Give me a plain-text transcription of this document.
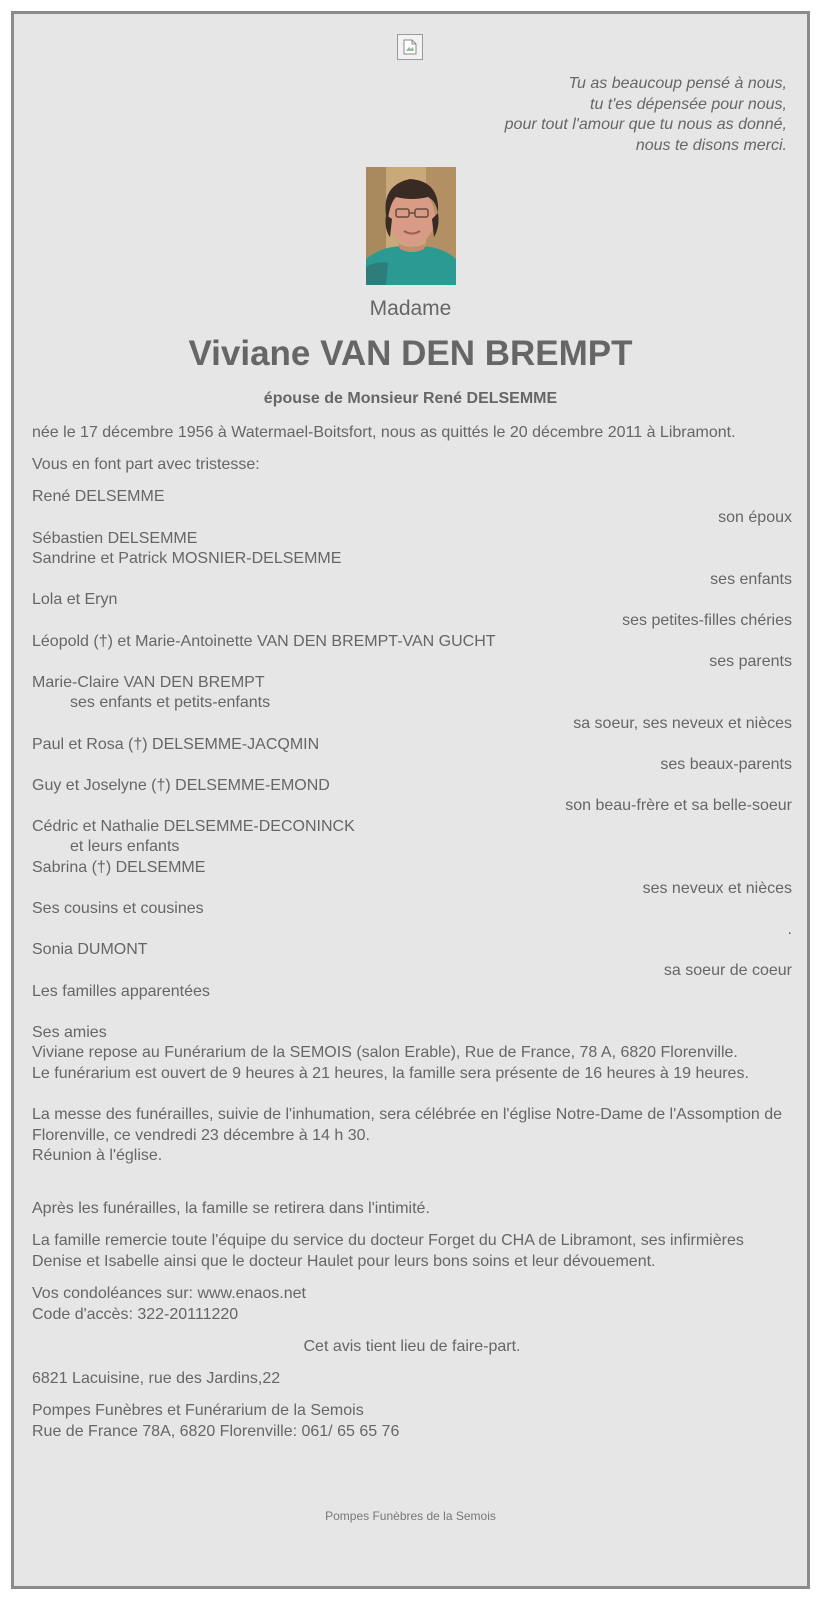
Tu as beaucoup pensé à nous,
tu t'es dépensée pour nous,
pour tout l'amour que tu nous as donné,
nous te disons merci.
Madame
Viviane VAN DEN BREMPT
épouse de Monsieur René DELSEMME

née le 17 décembre 1956 à Watermael-Boitsfort, nous as quittés le 20 décembre 2011 à Libramont.

Vous en font part avec tristesse:

René DELSEMME

son époux

Sébastien DELSEMME

Sandrine et Patrick MOSNIER-DELSEMME

ses enfants

Lola et Eryn

ses petites-filles chéries

Léopold (†) et Marie-Antoinette VAN DEN BREMPT-VAN GUCHT

ses parents

Marie-Claire VAN DEN BREMPT

ses enfants et petits-enfants

sa soeur, ses neveux et nièces

Paul et Rosa (†) DELSEMME-JACQMIN

ses beaux-parents

Guy et Joselyne (†) DELSEMME-EMOND

son beau-frère et sa belle-soeur

Cédric et Nathalie DELSEMME-DECONINCK

et leurs enfants

Sabrina (†) DELSEMME

ses neveux et nièces

Ses cousins et cousines

.

Sonia DUMONT

sa soeur de coeur

Les familles apparentées

Ses amies

Viviane repose au Funérarium de la SEMOIS (salon Erable), Rue de France, 78 A, 6820 Florenville.

Le funérarium est ouvert de 9 heures à 21 heures, la famille sera présente de 16 heures à 19 heures.

La messe des funérailles, suivie de l'inhumation, sera célébrée en l'église Notre-Dame de l'Assomption de Florenville, ce vendredi 23 décembre à 14 h 30.

Réunion à l'église.

Après les funérailles, la famille se retirera dans l'intimité.

La famille remercie toute l'équipe du service du docteur Forget du CHA de Libramont, ses infirmières Denise et Isabelle ainsi que le docteur Haulet pour leurs bons soins et leur dévouement.

Vos condoléances sur: www.enaos.net

Code d'accès: 322-20111220

Cet avis tient lieu de faire-part.

6821 Lacuisine, rue des Jardins,22

Pompes Funèbres et Funérarium de la Semois

Rue de France 78A, 6820 Florenville: 061/ 65 65 76

Pompes Funèbres de la Semois
